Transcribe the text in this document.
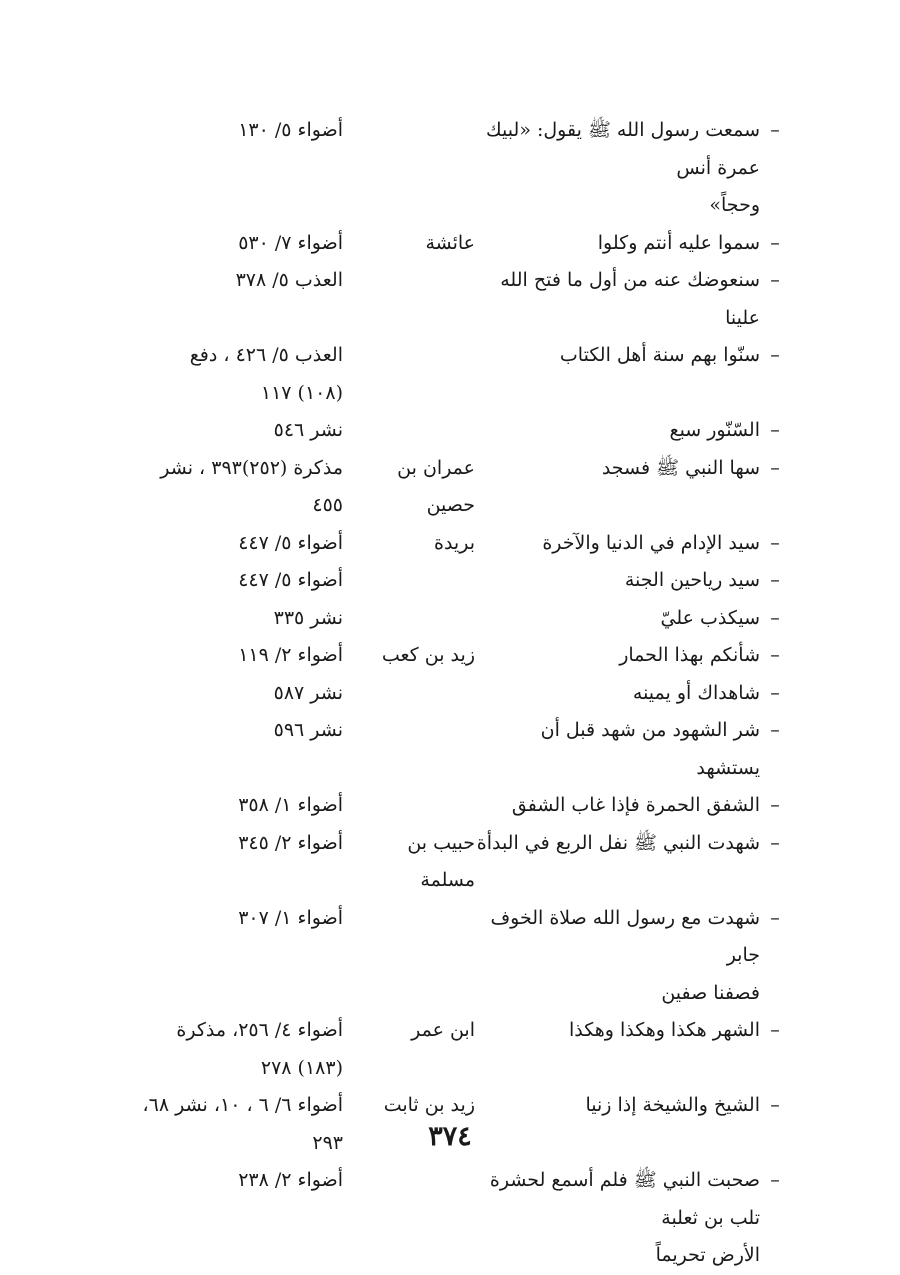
–
سمعت رسول الله ﷺ يقول: «لبيك عمرة أنس
وحجاً»
أضواء ٥/ ١٣٠
–
سموا عليه أنتم وكلوا
عائشة
أضواء ٧/ ٥٣٠
–
سنعوضك عنه من أول ما فتح الله علينا
العذب ٥/ ٣٧٨
–
سنّوا بهم سنة أهل الكتاب
العذب ٥/ ٤٢٦ ، دفع
(١٠٨) ١١٧
–
السّنّور سبع
نشر ٥٤٦
–
سها النبي ﷺ فسجد
عمران بن
حصين
مذكرة (٢٥٢)٣٩٣ ، نشر
٤٥٥
–
سيد الإدام في الدنيا والآخرة
بريدة
أضواء ٥/ ٤٤٧
–
سيد رياحين الجنة
أضواء ٥/ ٤٤٧
–
سيكذب عليّ
نشر ٣٣٥
–
شأنكم بهذا الحمار
زيد بن كعب
أضواء ٢/ ١١٩
–
شاهداك أو يمينه
نشر ٥٨٧
–
شر الشهود من شهد قبل أن يستشهد
نشر ٥٩٦
–
الشفق الحمرة فإذا غاب الشفق
أضواء ١/ ٣٥٨
–
شهدت النبي ﷺ نفل الربع في البدأة
حبيب بن
مسلمة
أضواء ٢/ ٣٤٥
–
شهدت مع رسول الله صلاة الخوف جابر
فصفنا صفين
أضواء ١/ ٣٠٧
–
الشهر هكذا وهكذا وهكذا
ابن عمر
أضواء ٤/ ٢٥٦، مذكرة
(١٨٣) ٢٧٨
–
الشيخ والشيخة إذا زنيا
زيد بن ثابت
أضواء ٦/ ٦ ، ١٠، نشر ٦٨،
٢٩٣
–
صحبت النبي ﷺ فلم أسمع لحشرة تلب بن ثعلبة
الأرض تحريماً
أضواء ٢/ ٢٣٨
٣٧٤
